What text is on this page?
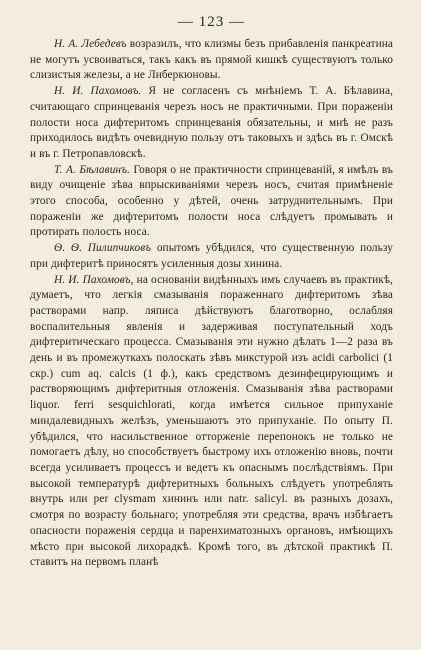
— 123 —

Н. А. Лебедевъ возразилъ, что клизмы безъ прибавленія панкреатина не могутъ усвоиваться, такъ какъ въ прямой кишкѣ существуютъ только слизистыя железы, а не Либеркюновы.

Н. И. Пахомовъ. Я не согласенъ съ мнѣніемъ Т. А. Бѣлавина, считающаго спринцеванія черезъ носъ не практичными. При пораженіи полости носа дифтеритомъ спринцеванія обязательны, и мнѣ не разъ приходилось видѣть очевидную пользу отъ таковыхъ и здѣсь въ г. Омскѣ и въ г. Петропавловскѣ.

Т. А. Бѣлавинъ. Говоря о не практичности спринцеваній, я имѣлъ въ виду очищеніе зѣва впрыскиваніями черезъ носъ, считая примѣненіе этого способа, особенно у дѣтей, очень затруднительнымъ. При пораженіи же дифтеритомъ полости носа слѣдуетъ промывать и протирать полость носа.

Ѳ. Ѳ. Пилипчиковъ опытомъ убѣдился, что существенную пользу при дифтеритѣ приносятъ усиленныя дозы хинина.

Н. И. Пахомовъ, на основаніи видѣнныхъ имъ случаевъ въ практикѣ, думаетъ, что легкія смазыванія пораженнаго дифтеритомъ зѣва растворами напр. ляписа дѣйствуютъ благотворно, ослабляя воспалительныя явленія и задерживая поступательный ходъ дифтеритическаго процесса. Смазыванія эти нужно дѣлать 1—2 раза въ день и въ промежуткахъ полоскать зѣвъ микстурой изъ acidi carbolici (1 скр.) cum aq. calcis (1 ф.), какъ средствомъ дезинфецирующимъ и растворяющимъ дифтеритныя отложенія. Смазыванія зѣва растворами liquor. ferri sesquichlorati, когда имѣется сильное припуханіе миндалевидныхъ желѣзъ, уменьшаютъ это припуханіе. По опыту П. убѣдился, что насильственное отторженіе перепонокъ не только не помогаетъ дѣлу, но способствуетъ быстрому ихъ отложенію вновь, почти всегда усиливаетъ процессъ и ведетъ къ опаснымъ послѣдствіямъ. При высокой температурѣ дифтеритныхъ больныхъ слѣдуетъ употреблять внутрь или per clysmam хининъ или natr. salicyl. въ разныхъ дозахъ, смотря по возрасту больнаго; употребляя эти средства, врачъ избѣгаетъ опасности пораженія сердца и паренхиматозныхъ органовъ, имѣющихъ мѣсто при высокой лихорадкѣ. Кромѣ того, въ дѣтской практикѣ П. ставитъ на первомъ планѣ
